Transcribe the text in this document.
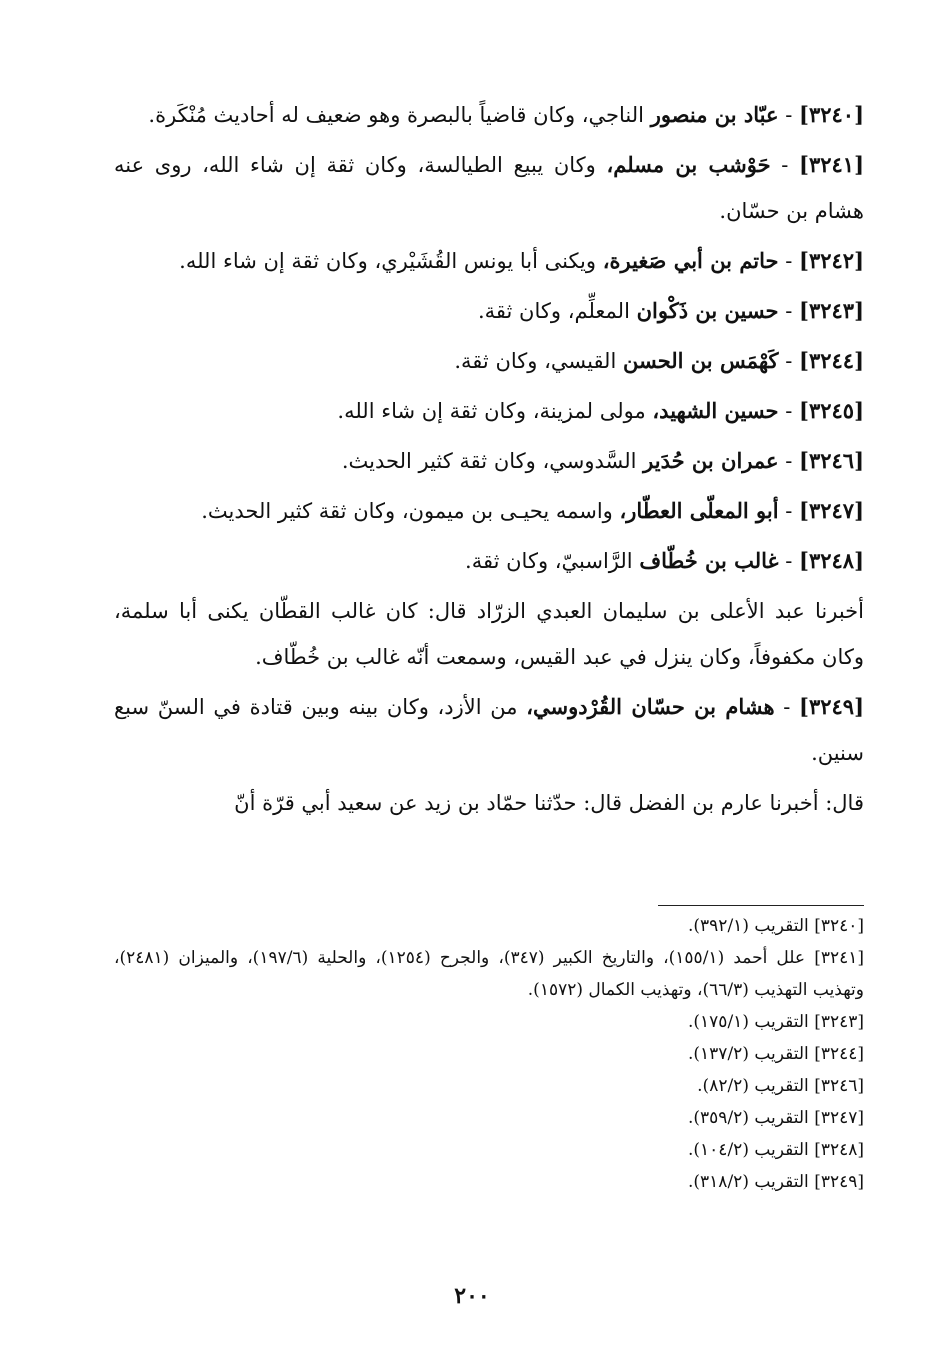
[٣٢٤٠] - عبّاد بن منصور الناجي، وكان قاضياً بالبصرة وهو ضعيف له أحاديث مُنْكَرة.

[٣٢٤١] - حَوْشب بن مسلم، وكان يبيع الطيالسة، وكان ثقة إن شاء الله، روى عنه هشام بن حسّان.

[٣٢٤٢] - حاتم بن أبي صَغيرة، ويكنى أبا يونس القُشَيْري، وكان ثقة إن شاء الله.

[٣٢٤٣] - حسين بن ذَكْوان المعلِّم، وكان ثقة.

[٣٢٤٤] - كَهْمَس بن الحسن القيسي، وكان ثقة.

[٣٢٤٥] - حسين الشهيد، مولى لمزينة، وكان ثقة إن شاء الله.

[٣٢٤٦] - عمران بن حُدَير السَّدوسي، وكان ثقة كثير الحديث.

[٣٢٤٧] - أبو المعلّى العطّار، واسمه يحيـى بن ميمون، وكان ثقة كثير الحديث.

[٣٢٤٨] - غالب بن خُطّاف الرَّاسبيّ، وكان ثقة.

أخبرنا عبد الأعلى بن سليمان العبدي الزرّاد قال: كان غالب القطّان يكنى أبا سلمة، وكان مكفوفاً، وكان ينزل في عبد القيس، وسمعت أنّه غالب بن خُطّاف.

[٣٢٤٩] - هشام بن حسّان القُرْدوسي، من الأزد، وكان بينه وبين قتادة في السنّ سبع سنين.

قال: أخبرنا عارم بن الفضل قال: حدّثنا حمّاد بن زيد عن سعيد أبي قرّة أنّ

[٣٢٤٠] التقريب (٣٩٢/١).

[٣٢٤١] علل أحمد (١٥٥/١)، والتاريخ الكبير (٣٤٧)، والجرح (١٢٥٤)، والحلية (١٩٧/٦)، والميزان (٢٤٨١)، وتهذيب التهذيب (٦٦/٣)، وتهذيب الكمال (١٥٧٢).

[٣٢٤٣] التقريب (١٧٥/١).

[٣٢٤٤] التقريب (١٣٧/٢).

[٣٢٤٦] التقريب (٨٢/٢).

[٣٢٤٧] التقريب (٣٥٩/٢).

[٣٢٤٨] التقريب (١٠٤/٢).

[٣٢٤٩] التقريب (٣١٨/٢).

٢٠٠
